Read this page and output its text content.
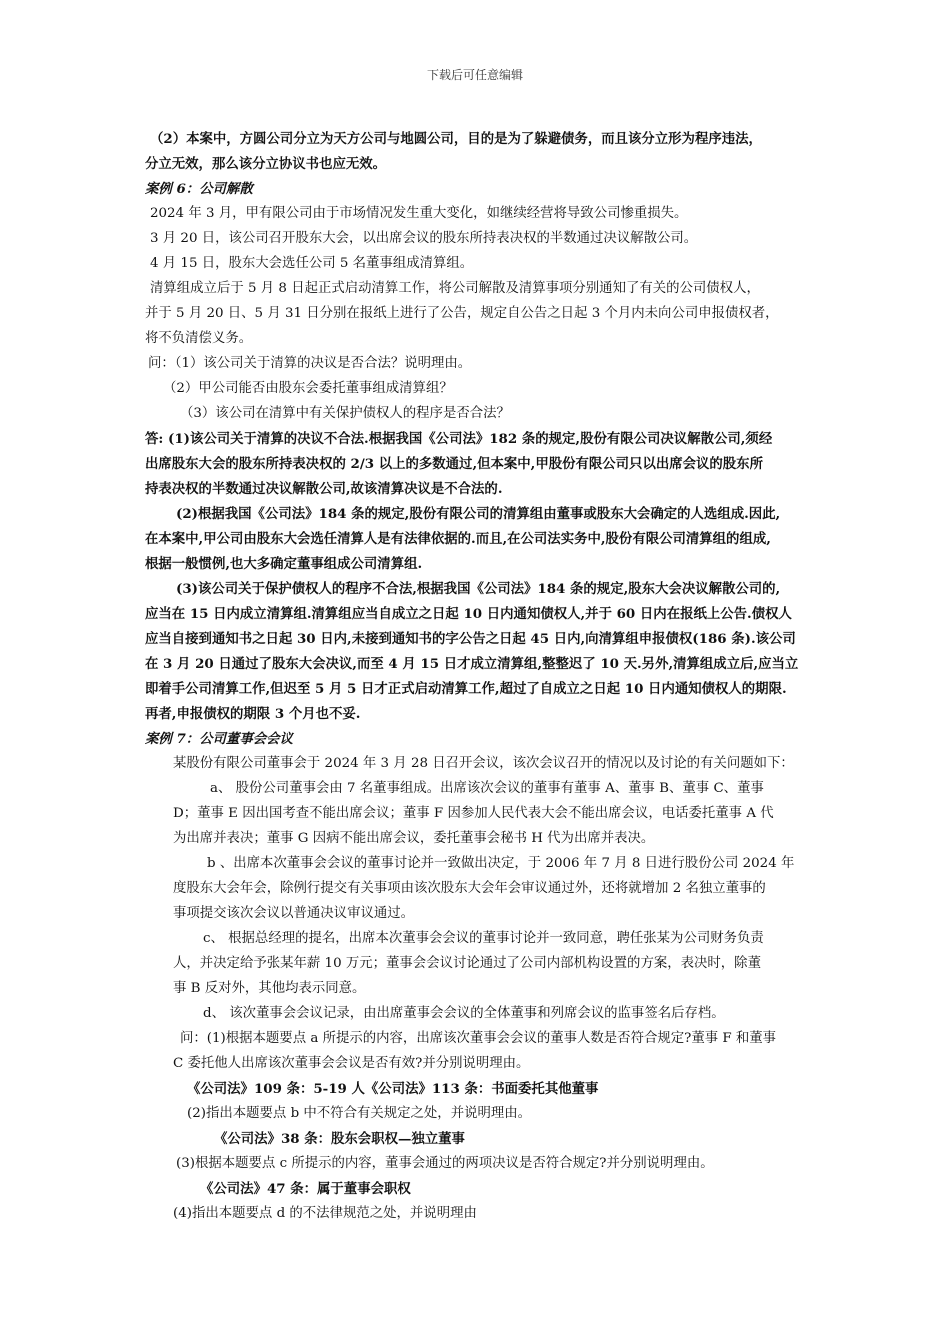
下载后可任意编辑
（2）本案中，方圆公司分立为天方公司与地圆公司，目的是为了躲避债务，而且该分立形为程序违法，
分立无效，那么该分立协议书也应无效。
案例 6：公司解散
2024 年 3 月，甲有限公司由于市场情况发生重大变化，如继续经营将导致公司惨重损失。
3 月 20 日，该公司召开股东大会，以出席会议的股东所持表决权的半数通过决议解散公司。
4 月 15 日，股东大会选任公司 5 名董事组成清算组。
清算组成立后于 5 月 8 日起正式启动清算工作，将公司解散及清算事项分别通知了有关的公司债权人，
并于 5 月 20 日、5 月 31 日分别在报纸上进行了公告，规定自公告之日起 3 个月内未向公司申报债权者，
将不负清偿义务。
问：（1）该公司关于清算的决议是否合法？说明理由。
（2）甲公司能否由股东会委托董事组成清算组？
（3）该公司在清算中有关保护债权人的程序是否合法？
答: (1)该公司关于清算的决议不合法.根据我国《公司法》182 条的规定,股份有限公司决议解散公司,须经
出席股东大会的股东所持表决权的 2/3 以上的多数通过,但本案中,甲股份有限公司只以出席会议的股东所
持表决权的半数通过决议解散公司,故该清算决议是不合法的.
(2)根据我国《公司法》184 条的规定,股份有限公司的清算组由董事或股东大会确定的人选组成.因此,
在本案中,甲公司由股东大会选任清算人是有法律依据的.而且,在公司法实务中,股份有限公司清算组的组成,
根据一般惯例,也大多确定董事组成公司清算组.
(3)该公司关于保护债权人的程序不合法,根据我国《公司法》184 条的规定,股东大会决议解散公司的,
应当在 15 日内成立清算组.清算组应当自成立之日起 10 日内通知债权人,并于 60 日内在报纸上公告.债权人
应当自接到通知书之日起 30 日内,未接到通知书的字公告之日起 45 日内,向清算组申报债权(186 条).该公司
在 3 月 20 日通过了股东大会决议,而至 4 月 15 日才成立清算组,整整迟了 10 天.另外,清算组成立后,应当立
即着手公司清算工作,但迟至 5 月 5 日才正式启动清算工作,超过了自成立之日起 10 日内通知债权人的期限.
再者,申报债权的期限 3 个月也不妥.
案例 7：公司董事会会议
某股份有限公司董事会于 2024 年 3 月 28 日召开会议，该次会议召开的情况以及讨论的有关问题如下：
a、 股份公司董事会由 7 名董事组成。出席该次会议的董事有董事 A、董事 B、董事 C、董事
D；董事 E 因出国考查不能出席会议；董事 F 因参加人民代表大会不能出席会议，电话委托董事 A 代
为出席并表决；董事 G 因病不能出席会议，委托董事会秘书 H 代为出席并表决。
b 、出席本次董事会会议的董事讨论并一致做出决定，于 2006 年 7 月 8 日进行股份公司 2024 年
度股东大会年会，除例行提交有关事项由该次股东大会年会审议通过外，还将就增加 2 名独立董事的
事项提交该次会议以普通决议审议通过。
c、 根据总经理的提名，出席本次董事会会议的董事讨论并一致同意，聘任张某为公司财务负责
人，并决定给予张某年薪 10 万元；董事会会议讨论通过了公司内部机构设置的方案，表决时，除董
事 B 反对外，其他均表示同意。
d、 该次董事会会议记录，由出席董事会会议的全体董事和列席会议的监事签名后存档。
问：(1)根据本题要点 a 所提示的内容，出席该次董事会会议的董事人数是否符合规定?董事 F 和董事
C 委托他人出席该次董事会会议是否有效?并分别说明理由。
《公司法》109 条：5-19 人《公司法》113 条：书面委托其他董事
(2)指出本题要点 b 中不符合有关规定之处，并说明理由。
《公司法》38 条：股东会职权—独立董事
(3)根据本题要点 c 所提示的内容，董事会通过的两项决议是否符合规定?并分别说明理由。
《公司法》47 条：属于董事会职权
(4)指出本题要点 d 的不法律规范之处，并说明理由
